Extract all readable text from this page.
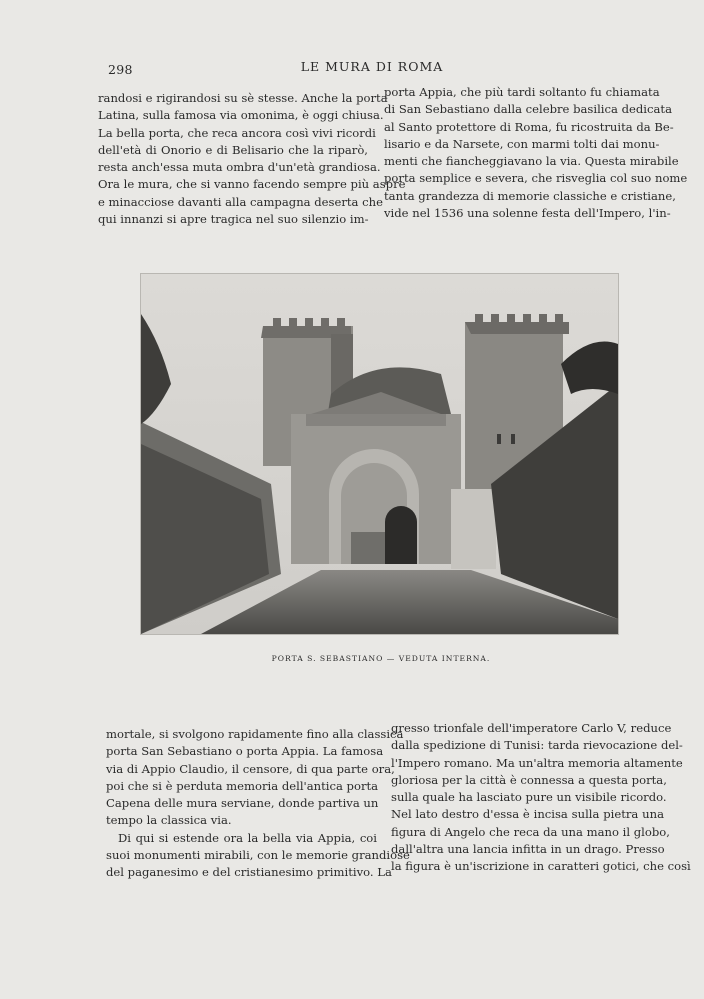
298	LE MURA DI ROMA
randosi e rigirandosi su sè stesse. Anche la porta
Latina, sulla famosa via omonima, è oggi chiusa.
La bella porta, che reca ancora così vivi ricordi
dell'età di Onorio e di Belisario che la riparò,
resta anch'essa muta ombra d'un'età grandiosa.
Ora le mura, che si vanno facendo sempre più aspre
e minacciose davanti alla campagna deserta che
qui innanzi si apre tragica nel suo silenzio im-
porta Appia, che più tardi soltanto fu chiamata
di San Sebastiano dalla celebre basilica dedicata
al Santo protettore di Roma, fu ricostruita da Be-
lisario e da Narsete, con marmi tolti dai monu-
menti che fiancheggiavano la via. Questa mirabile
porta semplice e severa, che risveglia col suo nome
tanta grandezza di memorie classiche e cristiane,
vide nel 1536 una solenne festa dell'Impero, l'in-
PORTA S. SEBASTIANO — VEDUTA INTERNA.
mortale, si svolgono rapidamente fino alla classica
porta San Sebastiano o porta Appia. La famosa
via di Appio Claudio, il censore, di qua parte ora,
poi che si è perduta memoria dell'antica porta
Capena delle mura serviane, donde partiva un
tempo la classica via.
Di qui si estende ora la bella via Appia, coi
suoi monumenti mirabili, con le memorie grandiose
del paganesimo e del cristianesimo primitivo. La
gresso trionfale dell'imperatore Carlo V, reduce
dalla spedizione di Tunisi: tarda rievocazione del-
l'Impero romano. Ma un'altra memoria altamente
gloriosa per la città è connessa a questa porta,
sulla quale ha lasciato pure un visibile ricordo.
Nel lato destro d'essa è incisa sulla pietra una
figura di Angelo che reca da una mano il globo,
dall'altra una lancia infitta in un drago. Presso
la figura è un'iscrizione in caratteri gotici, che così
